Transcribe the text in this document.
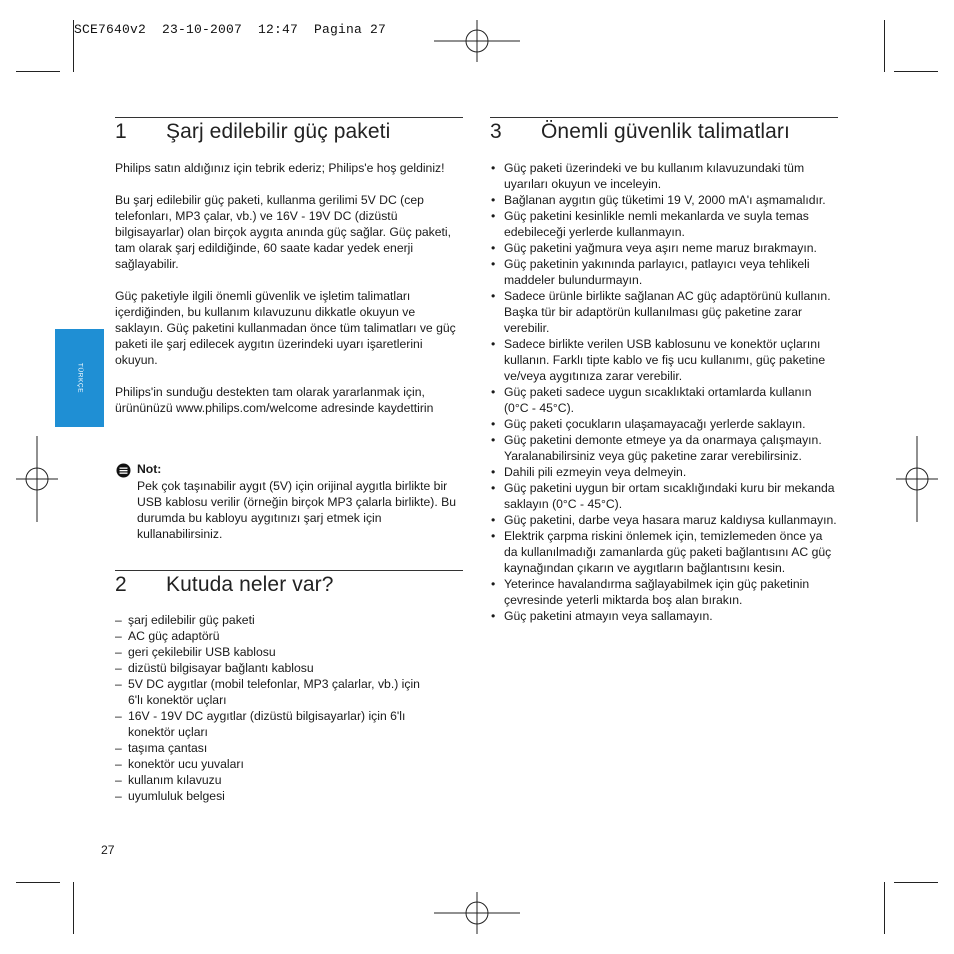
SCE7640v2  23-10-2007  12:47  Pagina 27
TÜRKÇE
1 Şarj edilebilir güç paketi

Philips satın aldığınız için tebrik ederiz; Philips'e hoş geldiniz!

Bu şarj edilebilir güç paketi, kullanma gerilimi 5V DC (cep telefonları, MP3 çalar, vb.) ve 16V - 19V DC (dizüstü bilgisayarlar) olan birçok aygıta anında güç sağlar. Güç paketi, tam olarak şarj edildiğinde, 60 saate kadar yedek enerji sağlayabilir.

Güç paketiyle ilgili önemli güvenlik ve işletim talimatları içerdiğinden, bu kullanım kılavuzunu dikkatle okuyun ve saklayın. Güç paketini kullanmadan önce tüm talimatları ve güç paketi ile şarj edilecek aygıtın üzerindeki uyarı işaretlerini okuyun.

Philips'in sunduğu destekten tam olarak yararlanmak için, ürününüzü www.philips.com/welcome adresinde kaydettirin

Not:
Pek çok taşınabilir aygıt (5V) için orijinal aygıtla birlikte bir USB kablosu verilir (örneğin birçok MP3 çalarla birlikte). Bu durumda bu kabloyu aygıtınızı şarj etmek için kullanabilirsiniz.
2 Kutuda neler var?
– şarj edilebilir güç paketi
– AC güç adaptörü
– geri çekilebilir USB kablosu
– dizüstü bilgisayar bağlantı kablosu
– 5V DC aygıtlar (mobil telefonlar, MP3 çalarlar, vb.) için 6'lı konektör uçları
– 16V - 19V DC aygıtlar (dizüstü bilgisayarlar) için 6'lı konektör uçları
– taşıma çantası
– konektör ucu yuvaları
– kullanım kılavuzu
– uyumluluk belgesi
3 Önemli güvenlik talimatları
• Güç paketi üzerindeki ve bu kullanım kılavuzundaki tüm uyarıları okuyun ve inceleyin.
• Bağlanan aygıtın güç tüketimi 19 V, 2000 mA'ı aşmamalıdır.
• Güç paketini kesinlikle nemli mekanlarda ve suyla temas edebileceği yerlerde kullanmayın.
• Güç paketini yağmura veya aşırı neme maruz bırakmayın.
• Güç paketinin yakınında parlayıcı, patlayıcı veya tehlikeli maddeler bulundurmayın.
• Sadece ürünle birlikte sağlanan AC güç adaptörünü kullanın. Başka tür bir adaptörün kullanılması güç paketine zarar verebilir.
• Sadece birlikte verilen USB kablosunu ve konektör uçlarını kullanın. Farklı tipte kablo ve fiş ucu kullanımı, güç paketine ve/veya aygıtınıza zarar verebilir.
• Güç paketi sadece uygun sıcaklıktaki ortamlarda kullanın (0°C - 45°C).
• Güç paketi çocukların ulaşamayacağı yerlerde saklayın.
• Güç paketini demonte etmeye ya da onarmaya çalışmayın. Yaralanabilirsiniz veya güç paketine zarar verebilirsiniz.
• Dahili pili ezmeyin veya delmeyin.
• Güç paketini uygun bir ortam sıcaklığındaki kuru bir mekanda saklayın (0°C - 45°C).
• Güç paketini, darbe veya hasara maruz kaldıysa kullanmayın.
• Elektrik çarpma riskini önlemek için, temizlemeden önce ya da kullanılmadığı zamanlarda güç paketi bağlantısını AC güç kaynağından çıkarın ve aygıtların bağlantısını kesin.
• Yeterince havalandırma sağlayabilmek için güç paketinin çevresinde yeterli miktarda boş alan bırakın.
• Güç paketini atmayın veya sallamayın.
27
